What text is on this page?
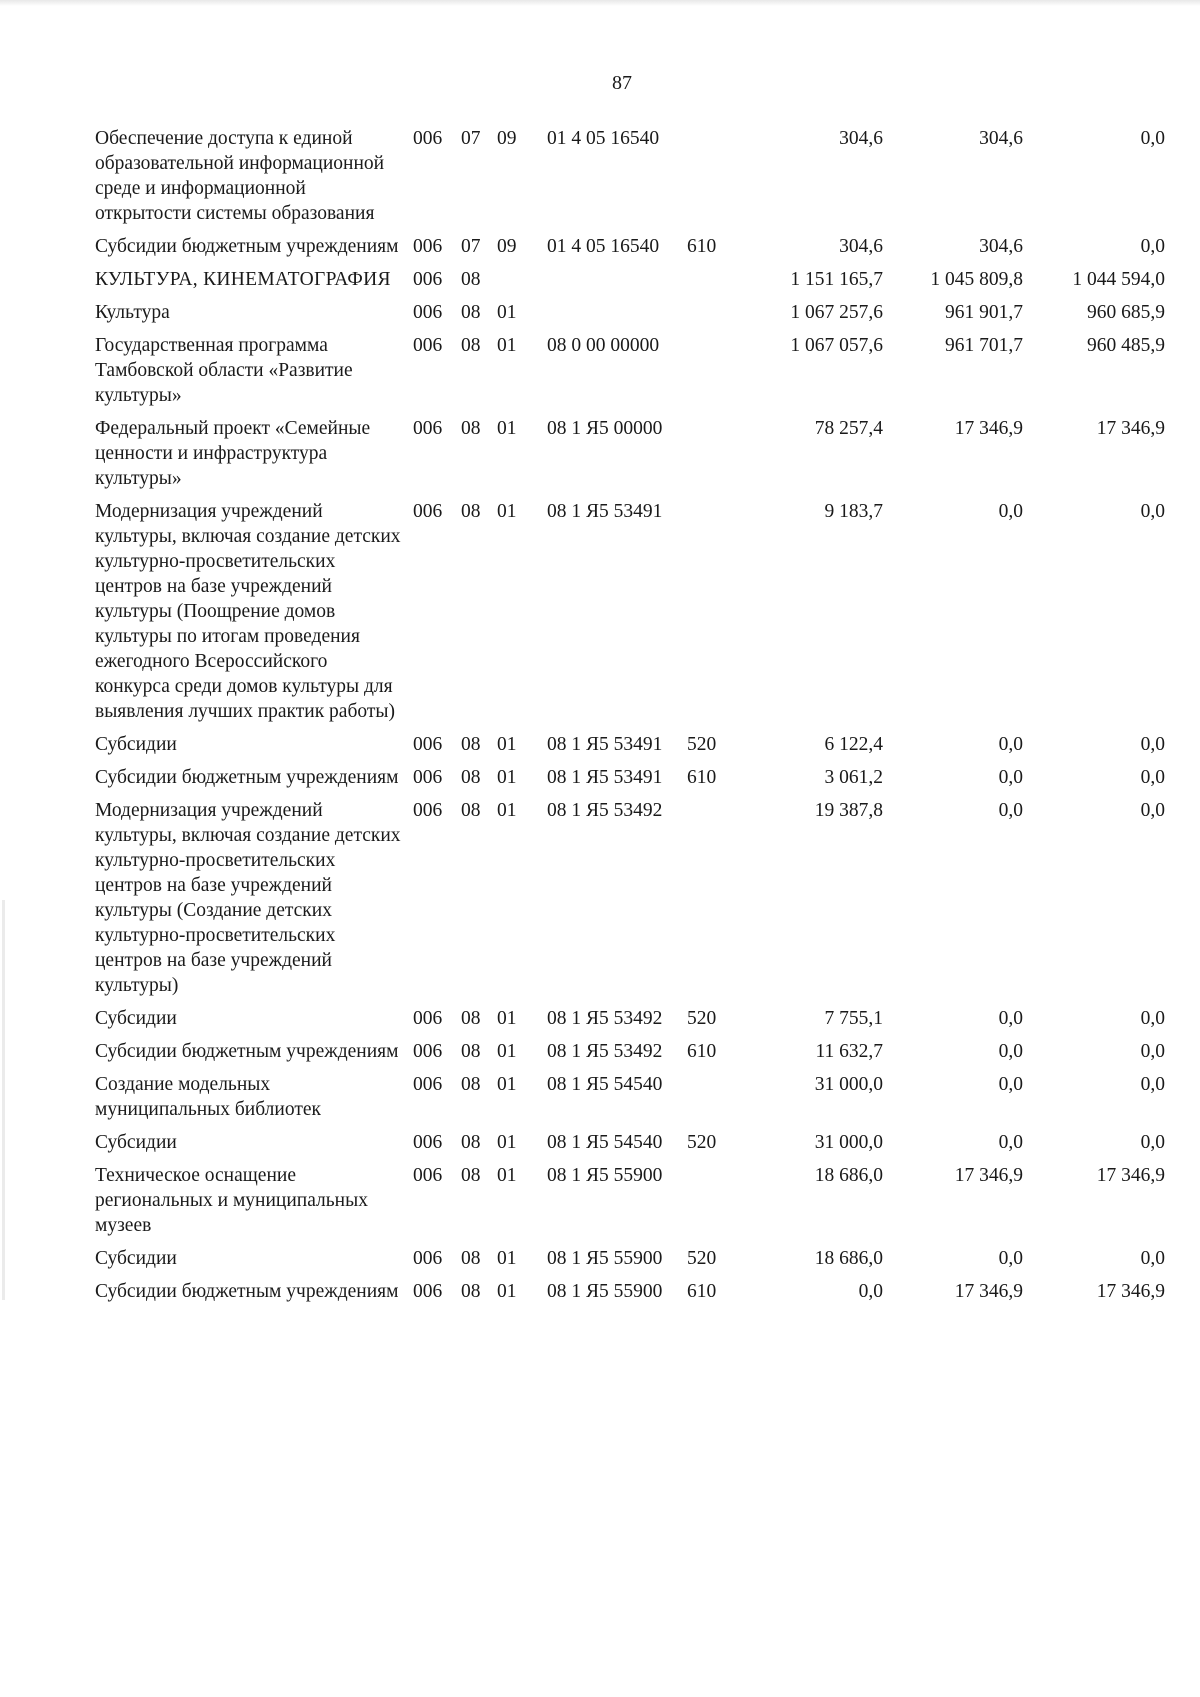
87
Обеспечение доступа к единой образовательной информационной среде и информационной открытости системы образования	006	07	09	01 4 05 16540		304,6	304,6	0,0
Субсидии бюджетным учреждениям	006	07	09	01 4 05 16540	610	304,6	304,6	0,0
КУЛЬТУРА, КИНЕМАТОГРАФИЯ	006	08				1 151 165,7	1 045 809,8	1 044 594,0
Культура	006	08	01			1 067 257,6	961 901,7	960 685,9
Государственная программа Тамбовской области «Развитие культуры»	006	08	01	08 0 00 00000		1 067 057,6	961 701,7	960 485,9
Федеральный проект «Семейные ценности и инфраструктура культуры»	006	08	01	08 1 Я5 00000		78 257,4	17 346,9	17 346,9
Модернизация учреждений культуры, включая создание детских культурно-просветительских центров на базе учреждений культуры (Поощрение домов культуры по итогам проведения ежегодного Всероссийского конкурса среди домов культуры для выявления лучших практик работы)	006	08	01	08 1 Я5 53491		9 183,7	0,0	0,0
Субсидии	006	08	01	08 1 Я5 53491	520	6 122,4	0,0	0,0
Субсидии бюджетным учреждениям	006	08	01	08 1 Я5 53491	610	3 061,2	0,0	0,0
Модернизация учреждений культуры, включая создание детских культурно-просветительских центров на базе учреждений культуры (Создание детских культурно-просветительских центров на базе учреждений культуры)	006	08	01	08 1 Я5 53492		19 387,8	0,0	0,0
Субсидии	006	08	01	08 1 Я5 53492	520	7 755,1	0,0	0,0
Субсидии бюджетным учреждениям	006	08	01	08 1 Я5 53492	610	11 632,7	0,0	0,0
Создание модельных муниципальных библиотек	006	08	01	08 1 Я5 54540		31 000,0	0,0	0,0
Субсидии	006	08	01	08 1 Я5 54540	520	31 000,0	0,0	0,0
Техническое оснащение региональных и муниципальных музеев	006	08	01	08 1 Я5 55900		18 686,0	17 346,9	17 346,9
Субсидии	006	08	01	08 1 Я5 55900	520	18 686,0	0,0	0,0
Субсидии бюджетным учреждениям	006	08	01	08 1 Я5 55900	610	0,0	17 346,9	17 346,9
